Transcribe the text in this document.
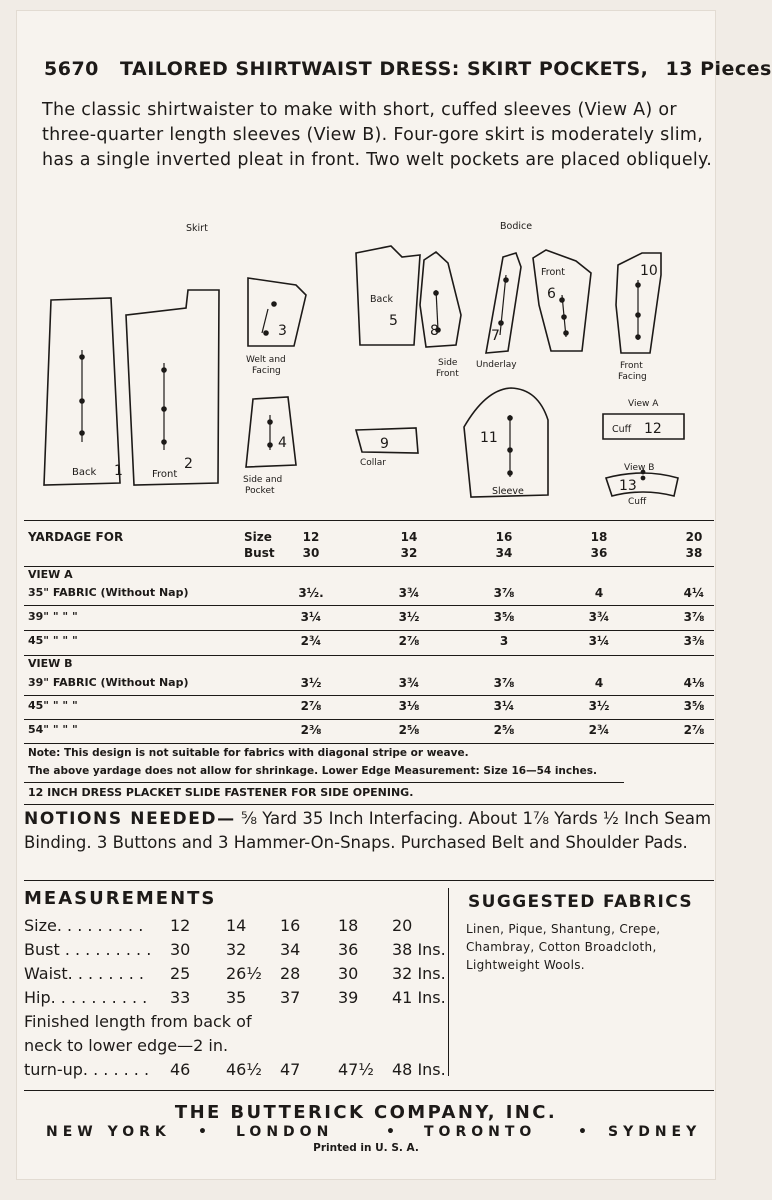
5670 TAILORED SHIRTWAIST DRESS: SKIRT POCKETS, 13 Pieces
The classic shirtwaister to make with short, cuffed sleeves (View A) or
three-quarter length sleeves (View B). Four-gore skirt is moderately slim,
has a single inverted pleat in front. Two welt pockets are placed obliquely.
Skirt	Bodice
Back 1	Front
2
3
Welt and
Facing
4
Side and
Pocket
Back
5
8
Side
Front
7
Underlay
Front
6
10
Front
Facing
9
Collar
11
Sleeve
View A
Cuff 12
View B
13
Cuff
YARDAGE FOR	Size	12	14	16	18	20
Bust	30	32	34	36	38
VIEW A
35" FABRIC (Without Nap)	3½.	3¾	3⅞	4	4¼
39" " " "	3¼	3½	3⅝	3¾	3⅞
45" " " "	2¾	2⅞	3	3¼	3⅜
VIEW B
39" FABRIC (Without Nap)	3½	3¾	3⅞	4	4⅛
45" " " "	2⅞	3⅛	3¼	3½	3⅝
54" " " "	2⅜	2⅝	2⅝	2¾	2⅞
Note: This design is not suitable for fabrics with diagonal stripe or weave.
The above yardage does not allow for shrinkage. Lower Edge Measurement: Size 16—54 inches.
12 INCH DRESS PLACKET SLIDE FASTENER FOR SIDE OPENING.
NOTIONS NEEDED— ⅝ Yard 35 Inch Interfacing. About 1⅞ Yards ½ Inch Seam Binding. 3 Buttons and 3 Hammer-On-Snaps. Purchased Belt and Shoulder Pads.
MEASUREMENTS
Size. . . . . . . . . 12 14 16 18 20
Bust . . . . . . . . . 30 32 34 36 38 Ins.
Waist. . . . . . . . 25 26½ 28 30 32 Ins.
Hip. . . . . . . . . . 33 35 37 39 41 Ins.
Finished length from back of
neck to lower edge—2 in.
turn-up. . . . . . . 46 46½ 47 47½ 48 Ins.
SUGGESTED FABRICS
Linen, Pique, Shantung, Crepe, Chambray, Cotton Broadcloth, Lightweight Wools.
THE BUTTERICK COMPANY, INC.
NEW YORK • LONDON	• TORONTO	• SYDNEY
Printed in U. S. A.
